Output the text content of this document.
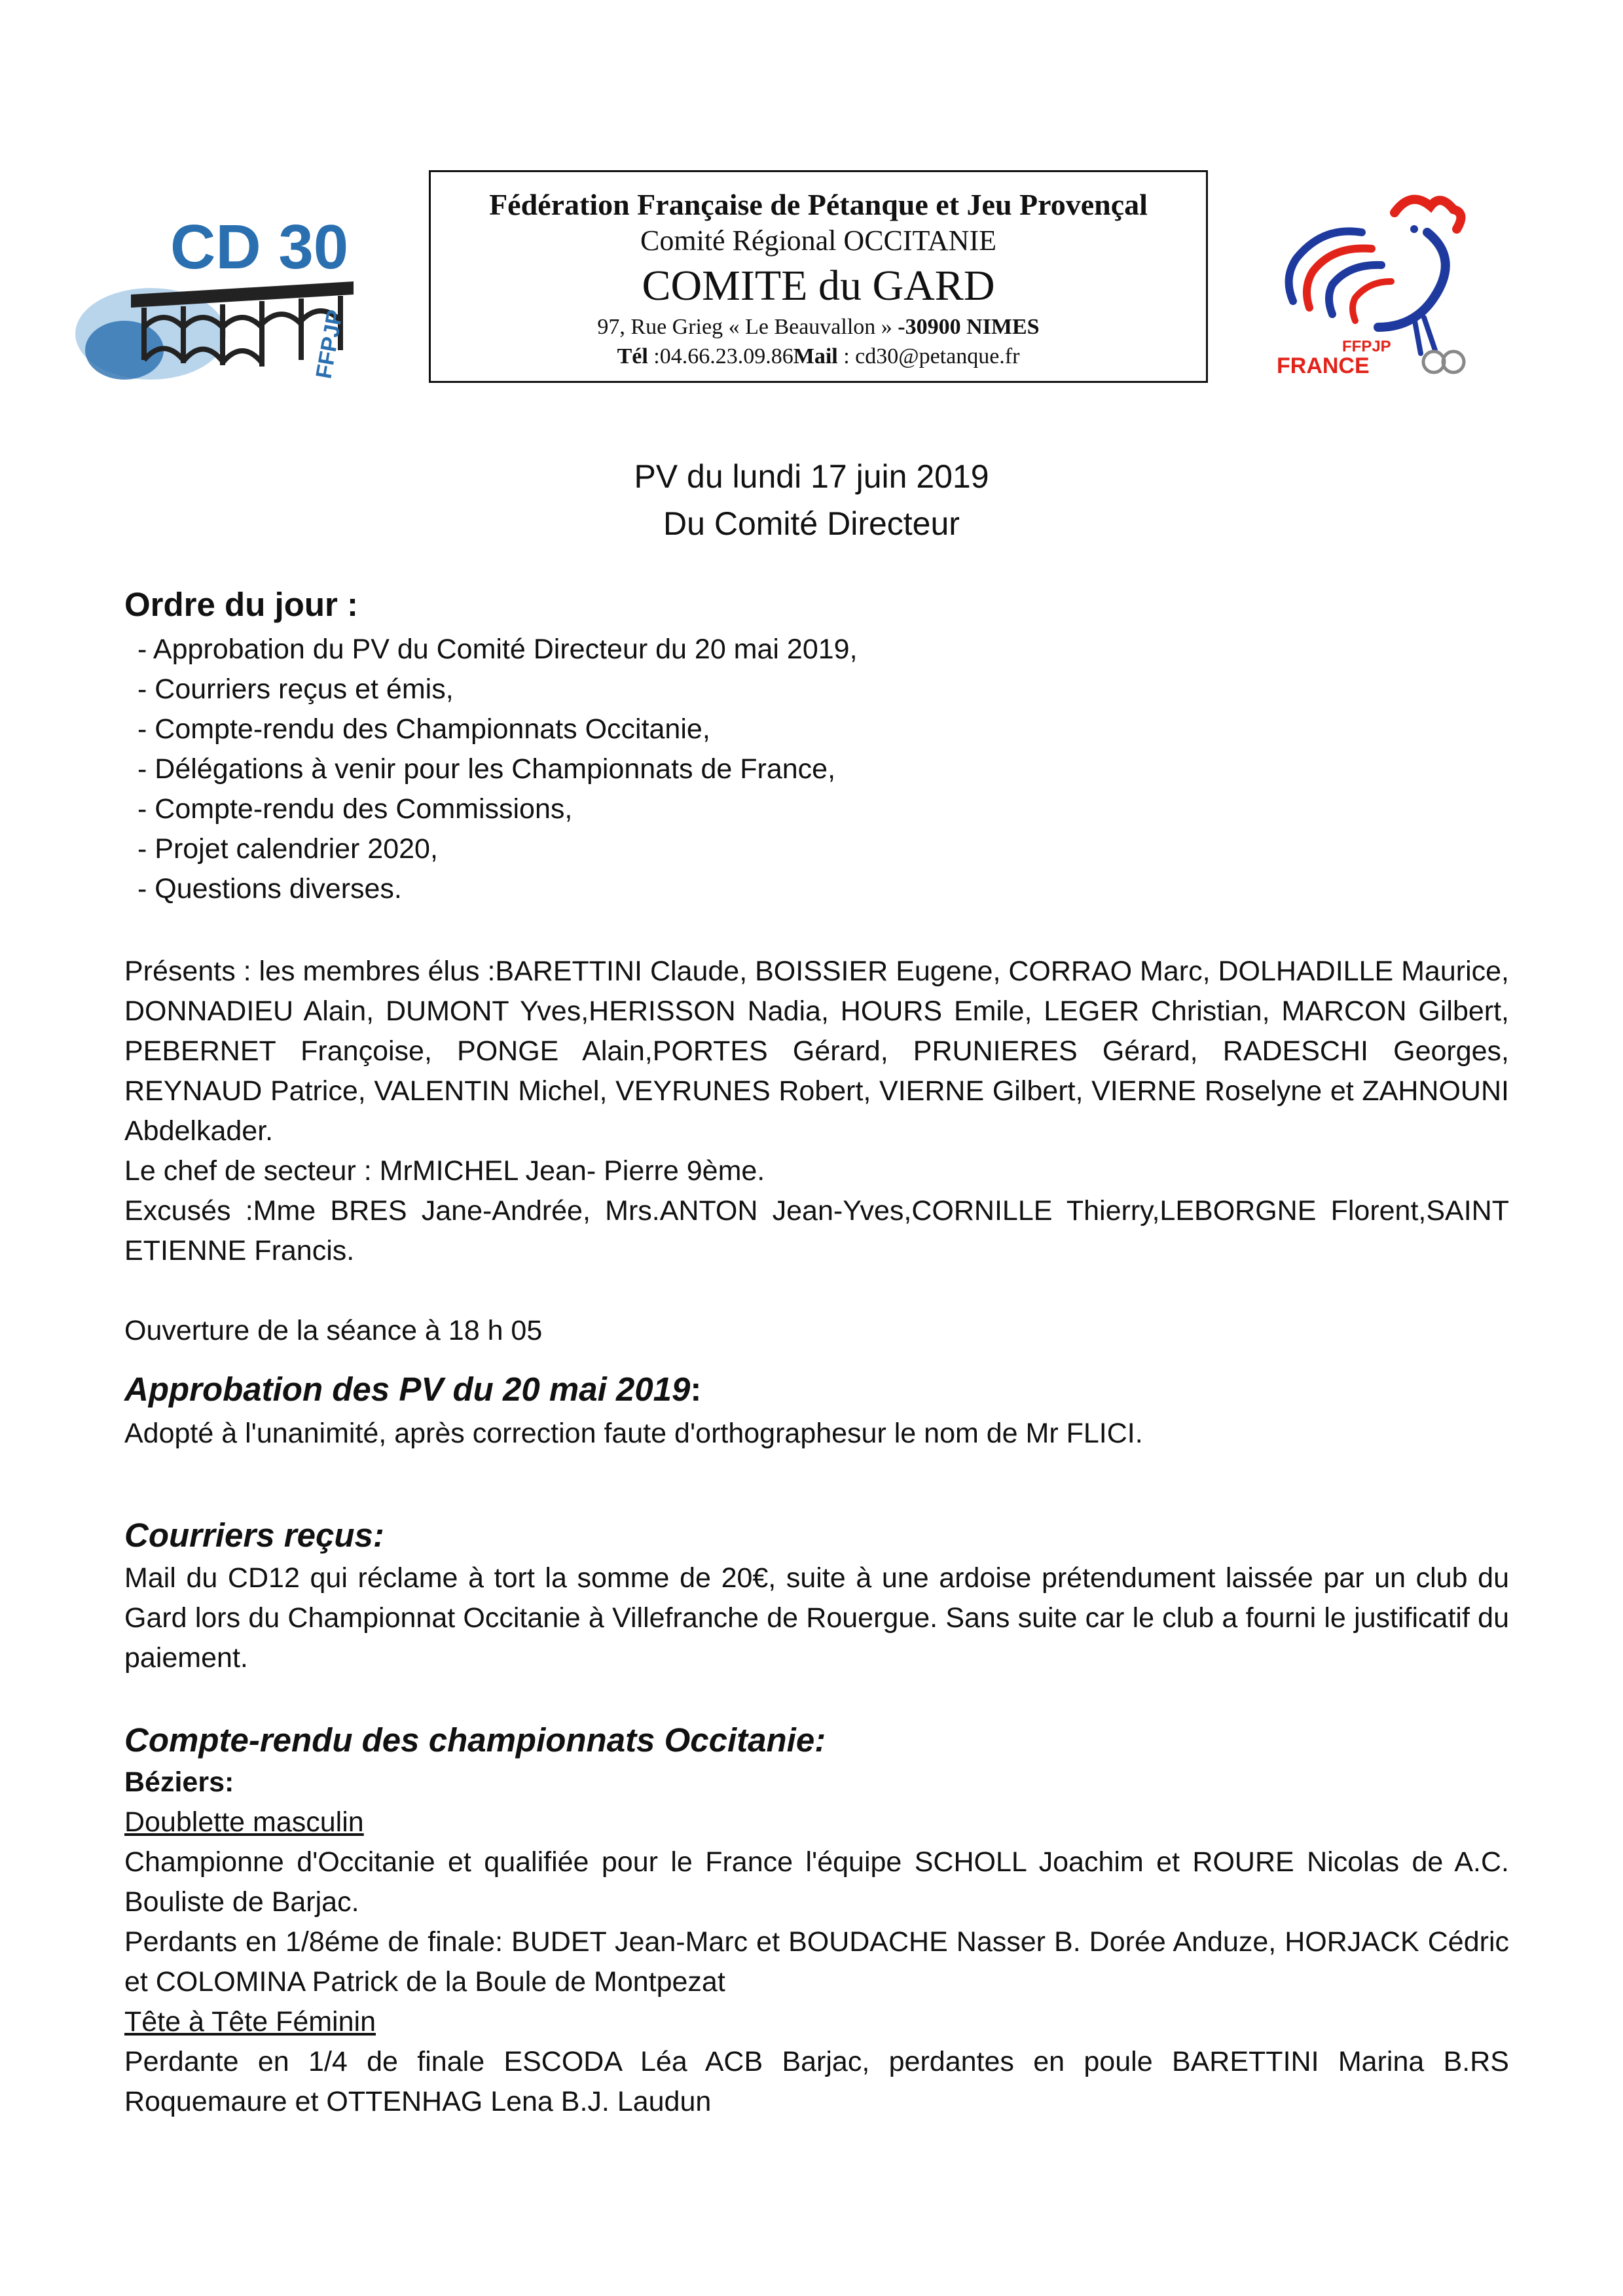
CD 30
FFPJP
Fédération Française de Pétanque et Jeu Provençal
Comité Régional OCCITANIE
COMITE du GARD
97, Rue Grieg « Le Beauvallon » -30900 NIMES
Tél :04.66.23.09.86Mail : cd30@petanque.fr	FFPJP
FRANCE
PV du lundi 17 juin 2019
Du Comité Directeur
Ordre du jour :
- Approbation du PV du Comité Directeur du 20 mai 2019,
- Courriers reçus et émis,
- Compte-rendu des Championnats Occitanie,
- Délégations à venir pour les Championnats de France,
- Compte-rendu des Commissions,
- Projet calendrier 2020,
- Questions diverses.
Présents : les membres élus :BARETTINI Claude, BOISSIER Eugene, CORRAO Marc, DOLHADILLE Maurice, DONNADIEU Alain, DUMONT Yves,HERISSON Nadia, HOURS Emile, LEGER Christian, MARCON Gilbert, PEBERNET Françoise, PONGE Alain,PORTES Gérard, PRUNIERES Gérard, RADESCHI Georges, REYNAUD Patrice, VALENTIN Michel, VEYRUNES Robert, VIERNE Gilbert, VIERNE Roselyne et ZAHNOUNI Abdelkader.
Le chef de secteur : MrMICHEL Jean- Pierre 9ème.
Excusés :Mme BRES Jane-Andrée, Mrs.ANTON Jean-Yves,CORNILLE Thierry,LEBORGNE Florent,SAINT ETIENNE Francis.
Ouverture de la séance à 18 h 05
Approbation des PV du 20 mai 2019:
Adopté à l'unanimité, après correction faute d'orthographesur le nom de Mr FLICI.
Courriers reçus:
Mail du CD12 qui réclame à tort la somme de 20€, suite à une ardoise prétendument laissée par un club du Gard lors du Championnat Occitanie à Villefranche de Rouergue. Sans suite car le club a fourni le justificatif du paiement.
Compte-rendu des championnats Occitanie:
Béziers:
Doublette masculin
Championne d'Occitanie et qualifiée pour le France l'équipe SCHOLL Joachim et ROURE Nicolas de A.C. Bouliste de Barjac.
Perdants en 1/8éme de finale: BUDET Jean-Marc et BOUDACHE Nasser B. Dorée Anduze, HORJACK Cédric et COLOMINA Patrick de la Boule de Montpezat
Tête à Tête Féminin
Perdante en 1/4 de finale ESCODA Léa ACB Barjac, perdantes en poule BARETTINI Marina B.RS Roquemaure et OTTENHAG Lena B.J. Laudun
